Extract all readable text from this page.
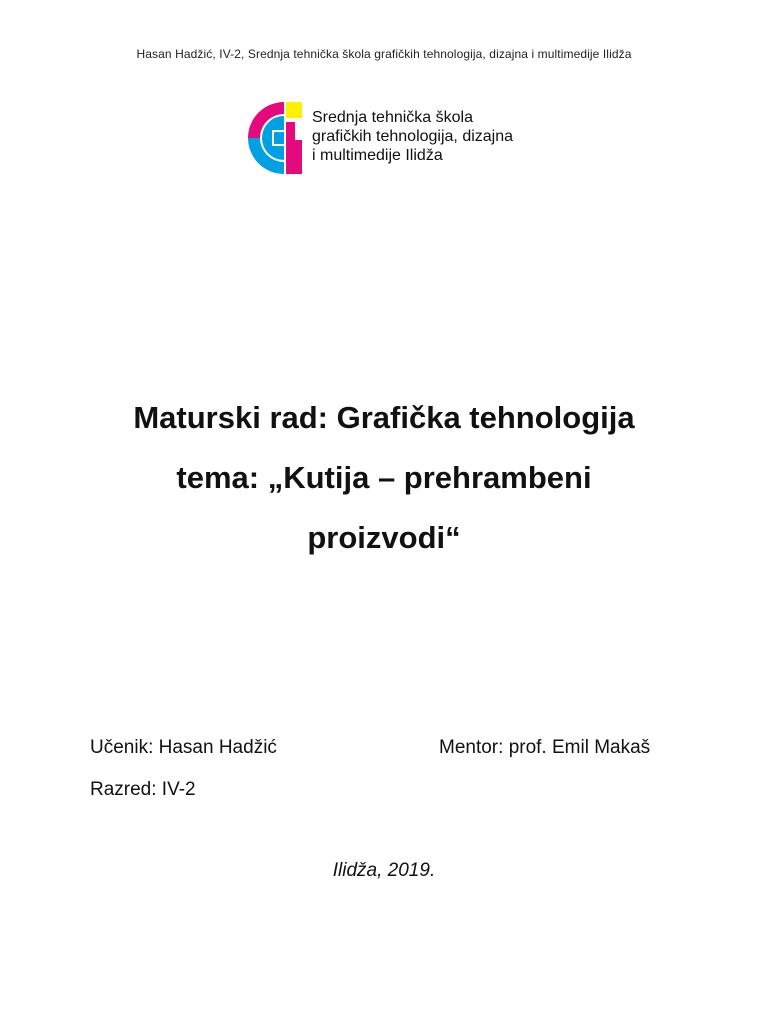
Hasan Hadžić, IV-2, Srednja tehnička škola grafičkih tehnologija, dizajna i multimedije Ilidža
Srednja tehnička škola
grafičkih tehnologija, dizajna
i multimedije Ilidža
Maturski rad: Grafička tehnologija
tema: „Kutija – prehrambeni
proizvodi“
Učenik: Hasan Hadžić	Mentor: prof. Emil Makaš
Razred: IV-2
Ilidža, 2019.
